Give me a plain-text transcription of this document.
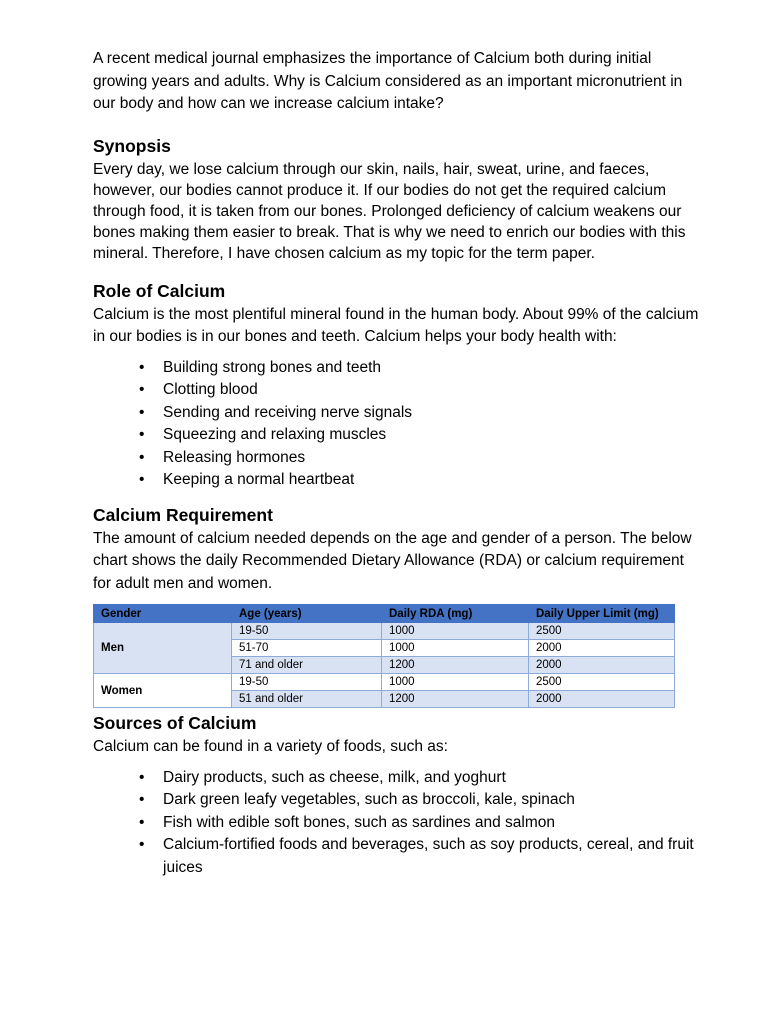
A recent medical journal emphasizes the importance of Calcium both during initial growing years and adults. Why is Calcium considered as an important micronutrient in our body and how can we increase calcium intake?

Synopsis

Every day, we lose calcium through our skin, nails, hair, sweat, urine, and faeces, however, our bodies cannot produce it. If our bodies do not get the required calcium through food, it is taken from our bones. Prolonged deficiency of calcium weakens our bones making them easier to break. That is why we need to enrich our bodies with this mineral. Therefore, I have chosen calcium as my topic for the term paper.

Role of Calcium

Calcium is the most plentiful mineral found in the human body. About 99% of the calcium in our bodies is in our bones and teeth. Calcium helps your body health with:

• Building strong bones and teeth
• Clotting blood
• Sending and receiving nerve signals
• Squeezing and relaxing muscles
• Releasing hormones
• Keeping a normal heartbeat
Calcium Requirement

The amount of calcium needed depends on the age and gender of a person. The below chart shows the daily Recommended Dietary Allowance (RDA) or calcium requirement for adult men and women.

Gender	Age (years)	Daily RDA (mg)	Daily Upper Limit (mg)
Men	19-50	1000	2500
	51-70	1000	2000
	71 and older	1200	2000
Women	19-50	1000	2500
	51 and older	1200	2000
Sources of Calcium

Calcium can be found in a variety of foods, such as:

• Dairy products, such as cheese, milk, and yoghurt
• Dark green leafy vegetables, such as broccoli, kale, spinach
• Fish with edible soft bones, such as sardines and salmon
• Calcium-fortified foods and beverages, such as soy products, cereal, and fruit juices
